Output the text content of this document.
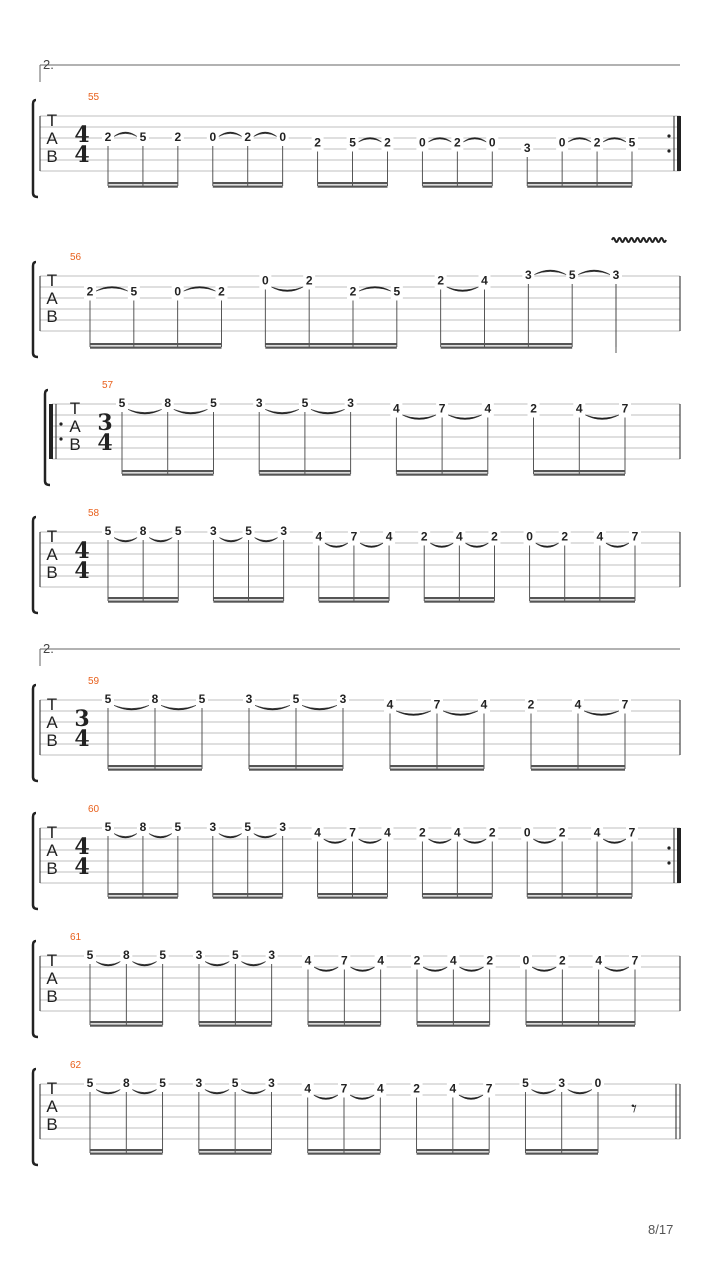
2.
55
T
A
B
4
4
2 5 2 0 2 0 2 5 2 0 2 0 3 0 2 5
56
T
A
B
2	5	0	2
0	2
2	5
2	4	3	5	3
57
T
A
B
3
4
5	8	5	3	5	3	4	7	4	2	4	7
58
T
A
B
4
4
5 8 5 3 5 3 4 7 4 2 4 2 0 2 4 7
2.
59
T
A
B
3
4
5	8	5	3	5	3	4	7	4	2	4	7
60
T
A
B
4
4
5 8 5 3 5 3 4 7 4 2 4 2 0 2 4 7
61
T
A
B
5 8 5 3 5 3 4 7 4 2 4 2 0 2 4 7
62
T
A
B
5 8 5 3 5 3 4 7 4 2 4 7 5 3 0
𝄾
8/17
